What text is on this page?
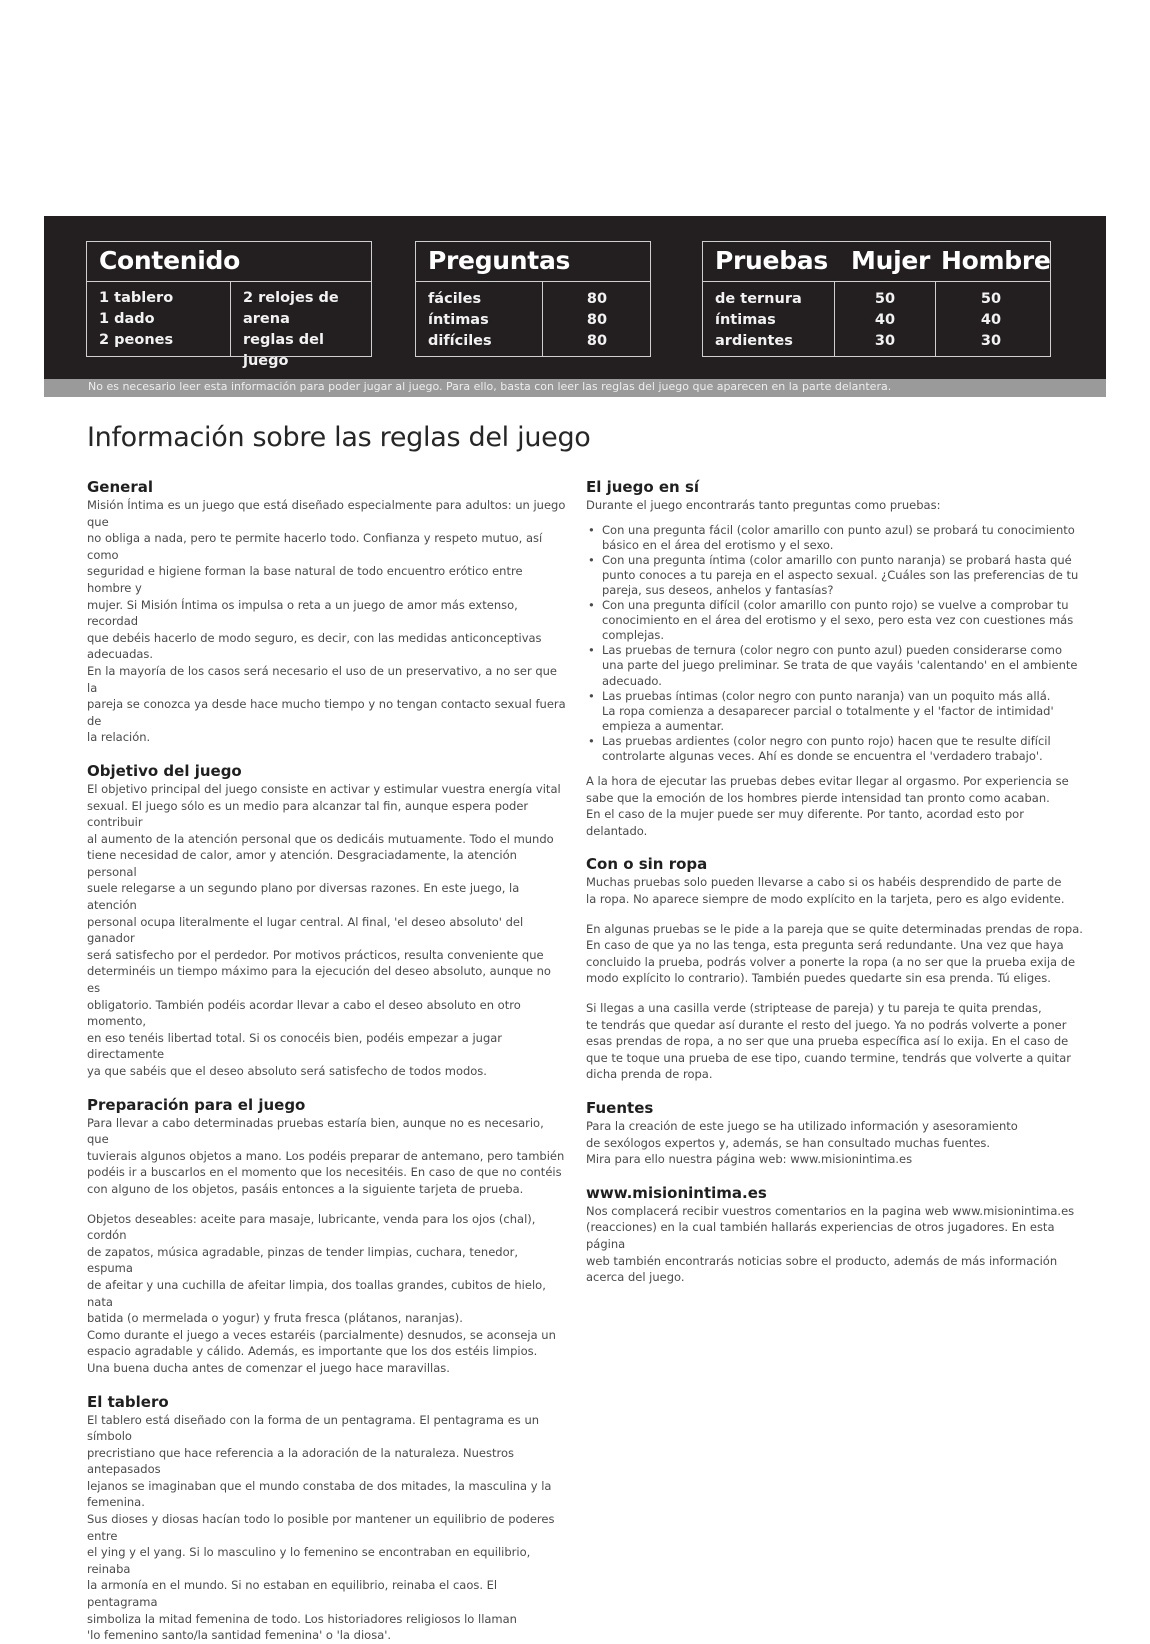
Contenido
1 tablero
1 dado
2 peones
2 relojes de arena
reglas del juego
Preguntas
fáciles
íntimas
difíciles
80
80
80
Pruebas Mujer Hombre
de ternura
íntimas
ardientes
50
40
30
50
40
30
No es necesario leer esta información para poder jugar al juego. Para ello, basta con leer las reglas del juego que aparecen en la parte delantera.
Información sobre las reglas del juego
General
Misión Íntima es un juego que está diseñado especialmente para adultos: un juego que
no obliga a nada, pero te permite hacerlo todo. Confianza y respeto mutuo, así como
seguridad e higiene forman la base natural de todo encuentro erótico entre hombre y
mujer. Si Misión Íntima os impulsa o reta a un juego de amor más extenso, recordad
que debéis hacerlo de modo seguro, es decir, con las medidas anticonceptivas adecuadas.
En la mayoría de los casos será necesario el uso de un preservativo, a no ser que la
pareja se conozca ya desde hace mucho tiempo y no tengan contacto sexual fuera de
la relación.
Objetivo del juego
El objetivo principal del juego consiste en activar y estimular vuestra energía vital
sexual. El juego sólo es un medio para alcanzar tal fin, aunque espera poder contribuir
al aumento de la atención personal que os dedicáis mutuamente. Todo el mundo
tiene necesidad de calor, amor y atención. Desgraciadamente, la atención personal
suele relegarse a un segundo plano por diversas razones. En este juego, la atención
personal ocupa literalmente el lugar central. Al final, 'el deseo absoluto' del ganador
será satisfecho por el perdedor. Por motivos prácticos, resulta conveniente que
determinéis un tiempo máximo para la ejecución del deseo absoluto, aunque no es
obligatorio. También podéis acordar llevar a cabo el deseo absoluto en otro momento,
en eso tenéis libertad total. Si os conocéis bien, podéis empezar a jugar directamente
ya que sabéis que el deseo absoluto será satisfecho de todos modos.
Preparación para el juego
Para llevar a cabo determinadas pruebas estaría bien, aunque no es necesario, que
tuvierais algunos objetos a mano. Los podéis preparar de antemano, pero también
podéis ir a buscarlos en el momento que los necesitéis. En caso de que no contéis
con alguno de los objetos, pasáis entonces a la siguiente tarjeta de prueba.
Objetos deseables: aceite para masaje, lubricante, venda para los ojos (chal), cordón
de zapatos, música agradable, pinzas de tender limpias, cuchara, tenedor, espuma
de afeitar y una cuchilla de afeitar limpia, dos toallas grandes, cubitos de hielo, nata
batida (o mermelada o yogur) y fruta fresca (plátanos, naranjas).
Como durante el juego a veces estaréis (parcialmente) desnudos, se aconseja un
espacio agradable y cálido. Además, es importante que los dos estéis limpios.
Una buena ducha antes de comenzar el juego hace maravillas.
El tablero
El tablero está diseñado con la forma de un pentagrama. El pentagrama es un símbolo
precristiano que hace referencia a la adoración de la naturaleza. Nuestros antepasados
lejanos se imaginaban que el mundo constaba de dos mitades, la masculina y la femenina.
Sus dioses y diosas hacían todo lo posible por mantener un equilibrio de poderes entre
el ying y el yang. Si lo masculino y lo femenino se encontraban en equilibrio, reinaba
la armonía en el mundo. Si no estaban en equilibrio, reinaba el caos. El pentagrama
simboliza la mitad femenina de todo. Los historiadores religiosos lo llaman
'lo femenino santo/la santidad femenina' o 'la diosa'.
El juego en sí
Durante el juego encontrarás tanto preguntas como pruebas:
• Con una pregunta fácil (color amarillo con punto azul) se probará tu conocimiento
básico en el área del erotismo y el sexo.
• Con una pregunta íntima (color amarillo con punto naranja) se probará hasta qué
punto conoces a tu pareja en el aspecto sexual. ¿Cuáles son las preferencias de tu
pareja, sus deseos, anhelos y fantasías?
• Con una pregunta difícil (color amarillo con punto rojo) se vuelve a comprobar tu
conocimiento en el área del erotismo y el sexo, pero esta vez con cuestiones más
complejas.
• Las pruebas de ternura (color negro con punto azul) pueden considerarse como
una parte del juego preliminar. Se trata de que vayáis 'calentando' en el ambiente
adecuado.
• Las pruebas íntimas (color negro con punto naranja) van un poquito más allá.
La ropa comienza a desaparecer parcial o totalmente y el 'factor de intimidad'
empieza a aumentar.
• Las pruebas ardientes (color negro con punto rojo) hacen que te resulte difícil
controlarte algunas veces. Ahí es donde se encuentra el 'verdadero trabajo'.
A la hora de ejecutar las pruebas debes evitar llegar al orgasmo. Por experiencia se
sabe que la emoción de los hombres pierde intensidad tan pronto como acaban.
En el caso de la mujer puede ser muy diferente. Por tanto, acordad esto por delantado.
Con o sin ropa
Muchas pruebas solo pueden llevarse a cabo si os habéis desprendido de parte de
la ropa. No aparece siempre de modo explícito en la tarjeta, pero es algo evidente.
En algunas pruebas se le pide a la pareja que se quite determinadas prendas de ropa.
En caso de que ya no las tenga, esta pregunta será redundante. Una vez que haya
concluido la prueba, podrás volver a ponerte la ropa (a no ser que la prueba exija de
modo explícito lo contrario). También puedes quedarte sin esa prenda. Tú eliges.
Si llegas a una casilla verde (striptease de pareja) y tu pareja te quita prendas,
te tendrás que quedar así durante el resto del juego. Ya no podrás volverte a poner
esas prendas de ropa, a no ser que una prueba específica así lo exija. En el caso de
que te toque una prueba de ese tipo, cuando termine, tendrás que volverte a quitar
dicha prenda de ropa.
Fuentes
Para la creación de este juego se ha utilizado información y asesoramiento
de sexólogos expertos y, además, se han consultado muchas fuentes.
Mira para ello nuestra página web: www.misionintima.es
www.misionintima.es
Nos complacerá recibir vuestros comentarios en la pagina web www.misionintima.es
(reacciones) en la cual también hallarás experiencias de otros jugadores. En esta página
web también encontrarás noticias sobre el producto, además de más información
acerca del juego.
